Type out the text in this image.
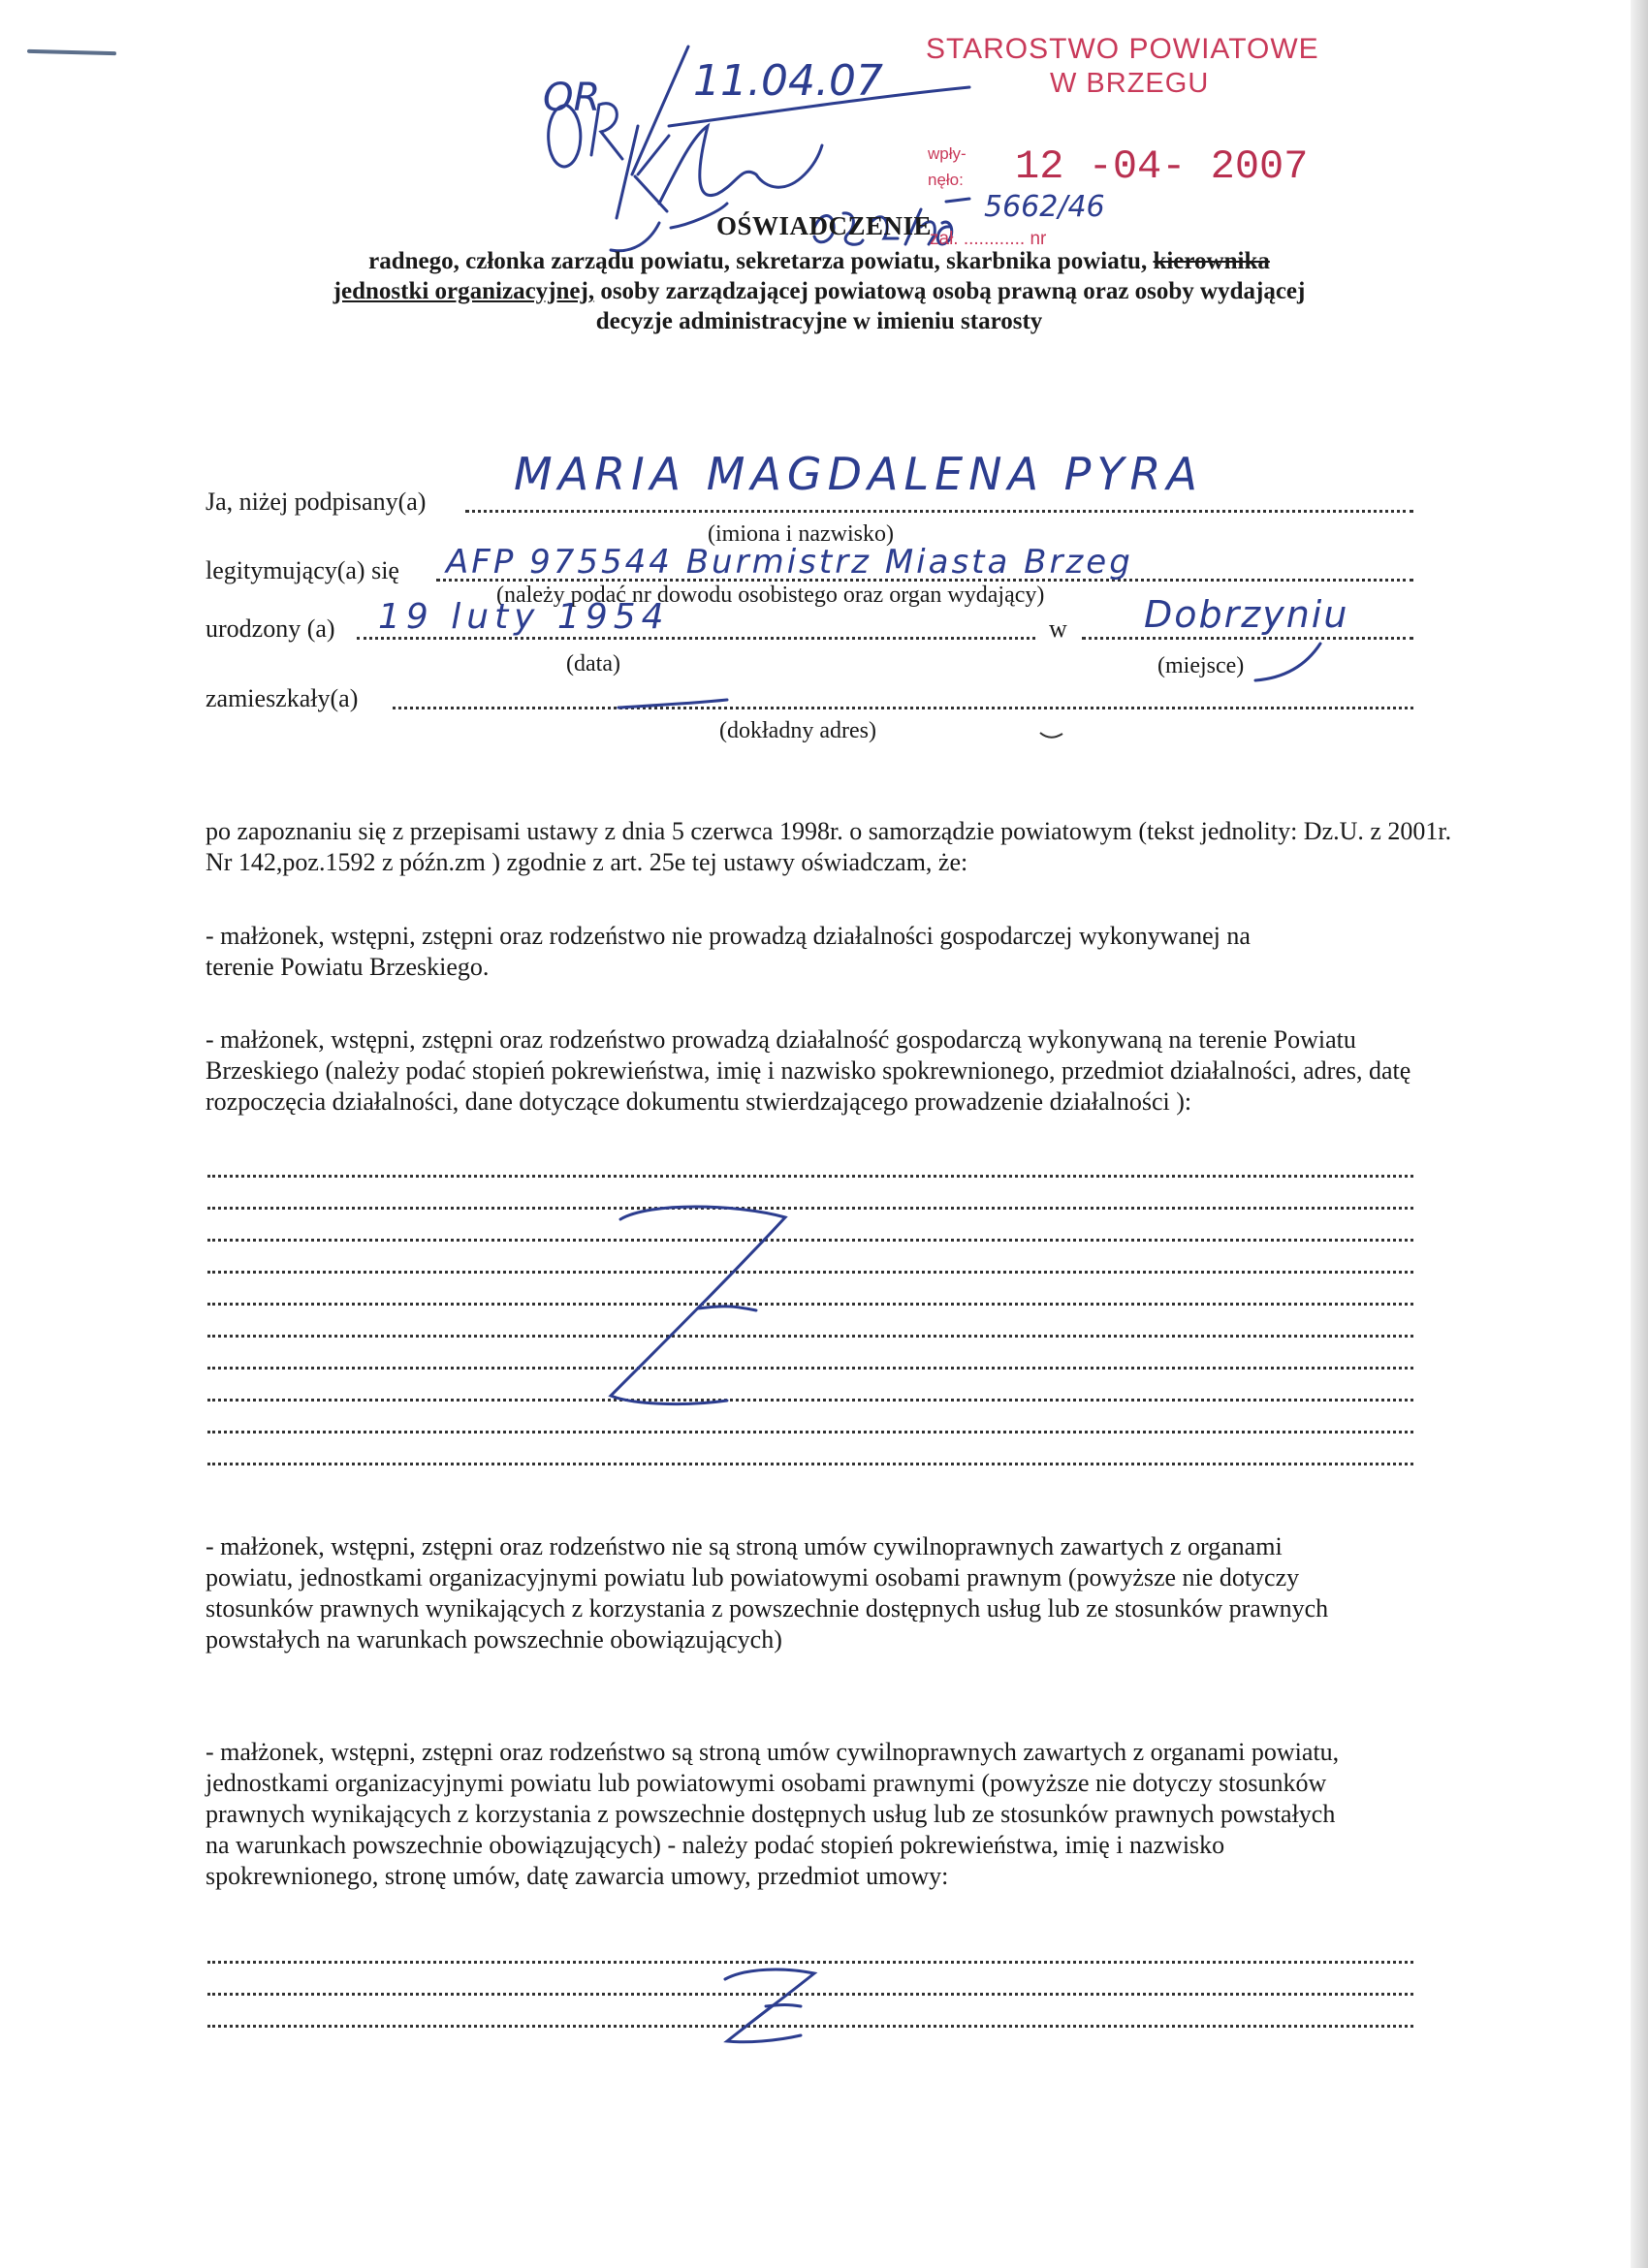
11.04.07
STAROSTWO POWIATOWE
W BRZEGU
wpły-
nęło: 12 -04- 2007
zał. ............ nr
5662/46
OR
OŚWIADCZENIE
radnego, członka zarządu powiatu, sekretarza powiatu, skarbnika powiatu, kierownika
jednostki organizacyjnej, osoby zarządzającej powiatową osobą prawną oraz osoby wydającej
decyzje administracyjne w imieniu starosty
Ja, niżej podpisany(a)
MARIA MAGDALENA PYRA
(imiona i nazwisko)
legitymujący(a) się AFP 975544 Burmistrz Miasta Brzeg
(należy podać nr dowodu osobistego oraz organ wydający)
urodzony (a) 19 luty 1954	w Dobrzyniu
(data)	(miejsce)
zamieszkały(a)
(dokładny adres)
po zapoznaniu się z przepisami ustawy z dnia 5 czerwca 1998r. o samorządzie powiatowym (tekst jednolity: Dz.U. z 2001r. Nr 142,poz.1592 z późn.zm ) zgodnie z art. 25e tej ustawy oświadczam, że:
- małżonek, wstępni, zstępni oraz rodzeństwo nie prowadzą działalności gospodarczej wykonywanej na terenie Powiatu Brzeskiego.
- małżonek, wstępni, zstępni oraz rodzeństwo prowadzą działalność gospodarczą wykonywaną na terenie Powiatu Brzeskiego (należy podać stopień pokrewieństwa, imię i nazwisko spokrewnionego, przedmiot działalności, adres, datę rozpoczęcia działalności, dane dotyczące dokumentu stwierdzającego prowadzenie działalności ):
- małżonek, wstępni, zstępni oraz rodzeństwo nie są stroną umów cywilnoprawnych zawartych z organami powiatu, jednostkami organizacyjnymi powiatu lub powiatowymi osobami prawnym (powyższe nie dotyczy stosunków prawnych wynikających z korzystania z powszechnie dostępnych usług lub ze stosunków prawnych powstałych na warunkach powszechnie obowiązujących)
- małżonek, wstępni, zstępni oraz rodzeństwo są stroną umów cywilnoprawnych zawartych z organami powiatu, jednostkami organizacyjnymi powiatu lub powiatowymi osobami prawnymi (powyższe nie dotyczy stosunków prawnych wynikających z korzystania z powszechnie dostępnych usług lub ze stosunków prawnych powstałych na warunkach powszechnie obowiązujących) - należy podać stopień pokrewieństwa, imię i nazwisko spokrewnionego, stronę umów, datę zawarcia umowy, przedmiot umowy:
